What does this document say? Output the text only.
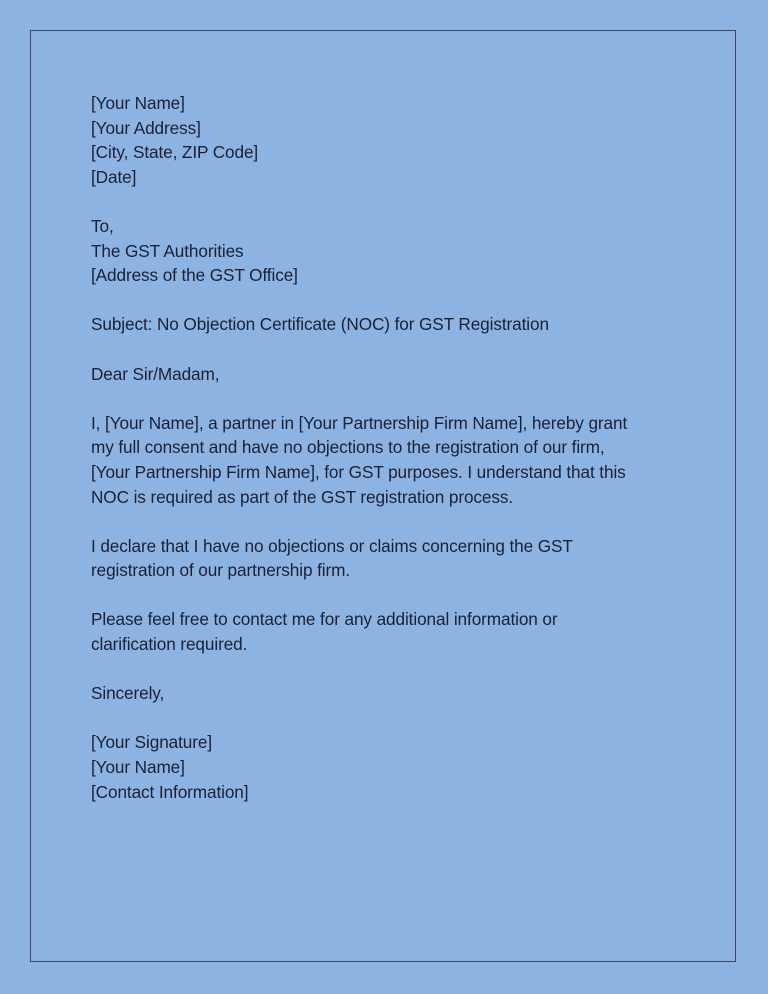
[Your Name]
[Your Address]
[City, State, ZIP Code]
[Date]
To,
The GST Authorities
[Address of the GST Office]
Subject: No Objection Certificate (NOC) for GST Registration
Dear Sir/Madam,
I, [Your Name], a partner in [Your Partnership Firm Name], hereby grant
my full consent and have no objections to the registration of our firm,
[Your Partnership Firm Name], for GST purposes. I understand that this
NOC is required as part of the GST registration process.
I declare that I have no objections or claims concerning the GST
registration of our partnership firm.
Please feel free to contact me for any additional information or
clarification required.
Sincerely,
[Your Signature]
[Your Name]
[Contact Information]
